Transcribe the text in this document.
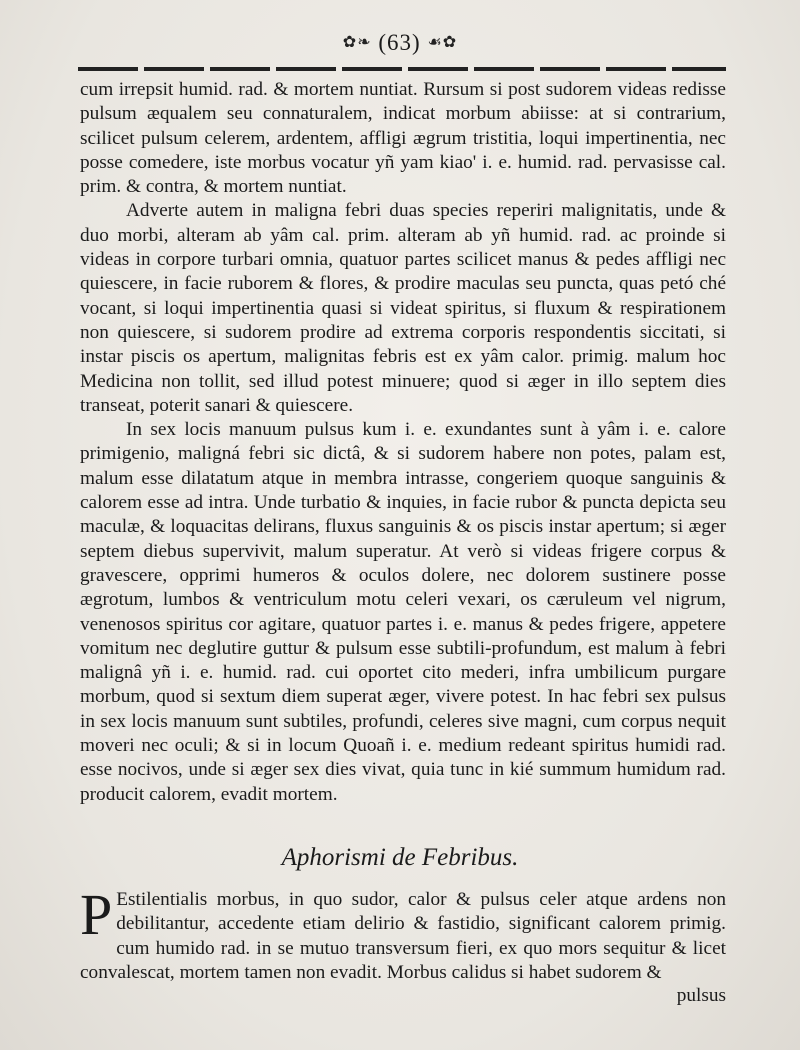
✿❧ (63) ☙✿

cum irrepsit humid. rad. & mortem nuntiat. Rursum si post sudorem videas redisse pulsum æqualem seu connaturalem, indicat morbum abiisse: at si contrarium, scilicet pulsum celerem, ardentem, affligi ægrum tristitia, loqui impertinentia, nec posse comedere, iste morbus vocatur yñ yam kiao' i. e. humid. rad. pervasisse cal. prim. & contra, & mortem nuntiat.

Adverte autem in maligna febri duas species reperiri malignitatis, unde & duo morbi, alteram ab yâm cal. prim. alteram ab yñ humid. rad. ac proinde si videas in corpore turbari omnia, quatuor partes scilicet manus & pedes affligi nec quiescere, in facie ruborem & flores, & prodire maculas seu puncta, quas petó ché vocant, si loqui impertinentia quasi si videat spiritus, si fluxum & respirationem non quiescere, si sudorem prodire ad extrema corporis respondentis siccitati, si instar piscis os apertum, malignitas febris est ex yâm calor. primig. malum hoc Medicina non tollit, sed illud potest minuere; quod si æger in illo septem dies transeat, poterit sanari & quiescere.

In sex locis manuum pulsus kum i. e. exundantes sunt à yâm i. e. calore primigenio, maligná febri sic dictâ, & si sudorem habere non potes, palam est, malum esse dilatatum atque in membra intrasse, congeriem quoque sanguinis & calorem esse ad intra. Unde turbatio & inquies, in facie rubor & puncta depicta seu maculæ, & loquacitas delirans, fluxus sanguinis & os piscis instar apertum; si æger septem diebus supervivit, malum superatur. At verò si videas frigere corpus & gravescere, opprimi humeros & oculos dolere, nec dolorem sustinere posse ægrotum, lumbos & ventriculum motu celeri vexari, os cæruleum vel nigrum, venenosos spiritus cor agitare, quatuor partes i. e. manus & pedes frigere, appetere vomitum nec deglutire guttur & pulsum esse subtili-profundum, est malum à febri malignâ yñ i. e. humid. rad. cui oportet cito mederi, infra umbilicum purgare morbum, quod si sextum diem superat æger, vivere potest. In hac febri sex pulsus in sex locis manuum sunt subtiles, profundi, celeres sive magni, cum corpus nequit moveri nec oculi; & si in locum Quoañ i. e. medium redeant spiritus humidi rad. esse nocivos, unde si æger sex dies vivat, quia tunc in kié summum humidum rad. producit calorem, evadit mortem.

Aphorismi de Febribus.
P Estilentialis morbus, in quo sudor, calor & pulsus celer atque ardens non debilitantur, accedente etiam delirio & fastidio, significant calorem primig. cum humido rad. in se mutuo transversum fieri, ex quo mors sequitur & licet convalescat, mortem tamen non evadit. Morbus calidus si habet sudorem &
pulsus
